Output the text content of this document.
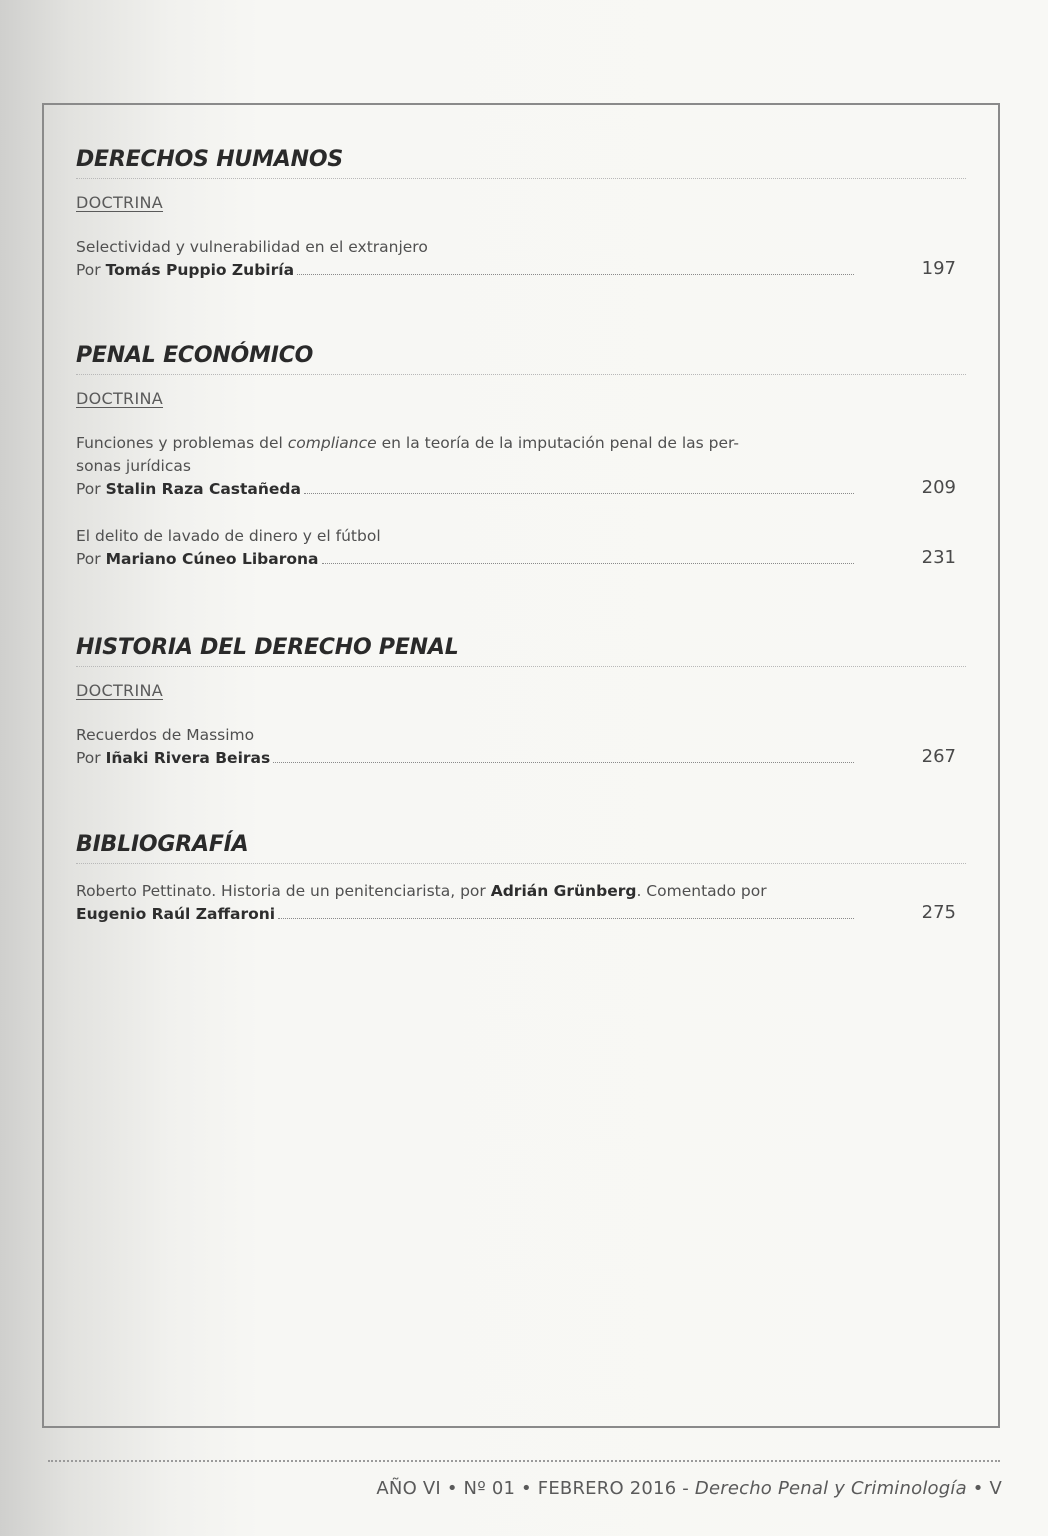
DERECHOS HUMANOS
DOCTRINA
Selectividad y vulnerabilidad en el extranjero
Por
Tomás Puppio Zubiría	197
PENAL ECONÓMICO
DOCTRINA
Funciones y problemas del compliance en la teoría de la imputación penal de las per-
sonas jurídicas
Por
Stalin Raza Castañeda	209
El delito de lavado de dinero y el fútbol
Por
Mariano Cúneo Libarona	231
HISTORIA DEL DERECHO PENAL
DOCTRINA
Recuerdos de Massimo
Por
Iñaki Rivera Beiras	267
BIBLIOGRAFÍA
Roberto Pettinato. Historia de un penitenciarista, por Adrián Grünberg. Comentado por
Eugenio Raúl Zaffaroni	275
AÑO VI • Nº 01 • FEBRERO 2016 - Derecho Penal y Criminología • V
